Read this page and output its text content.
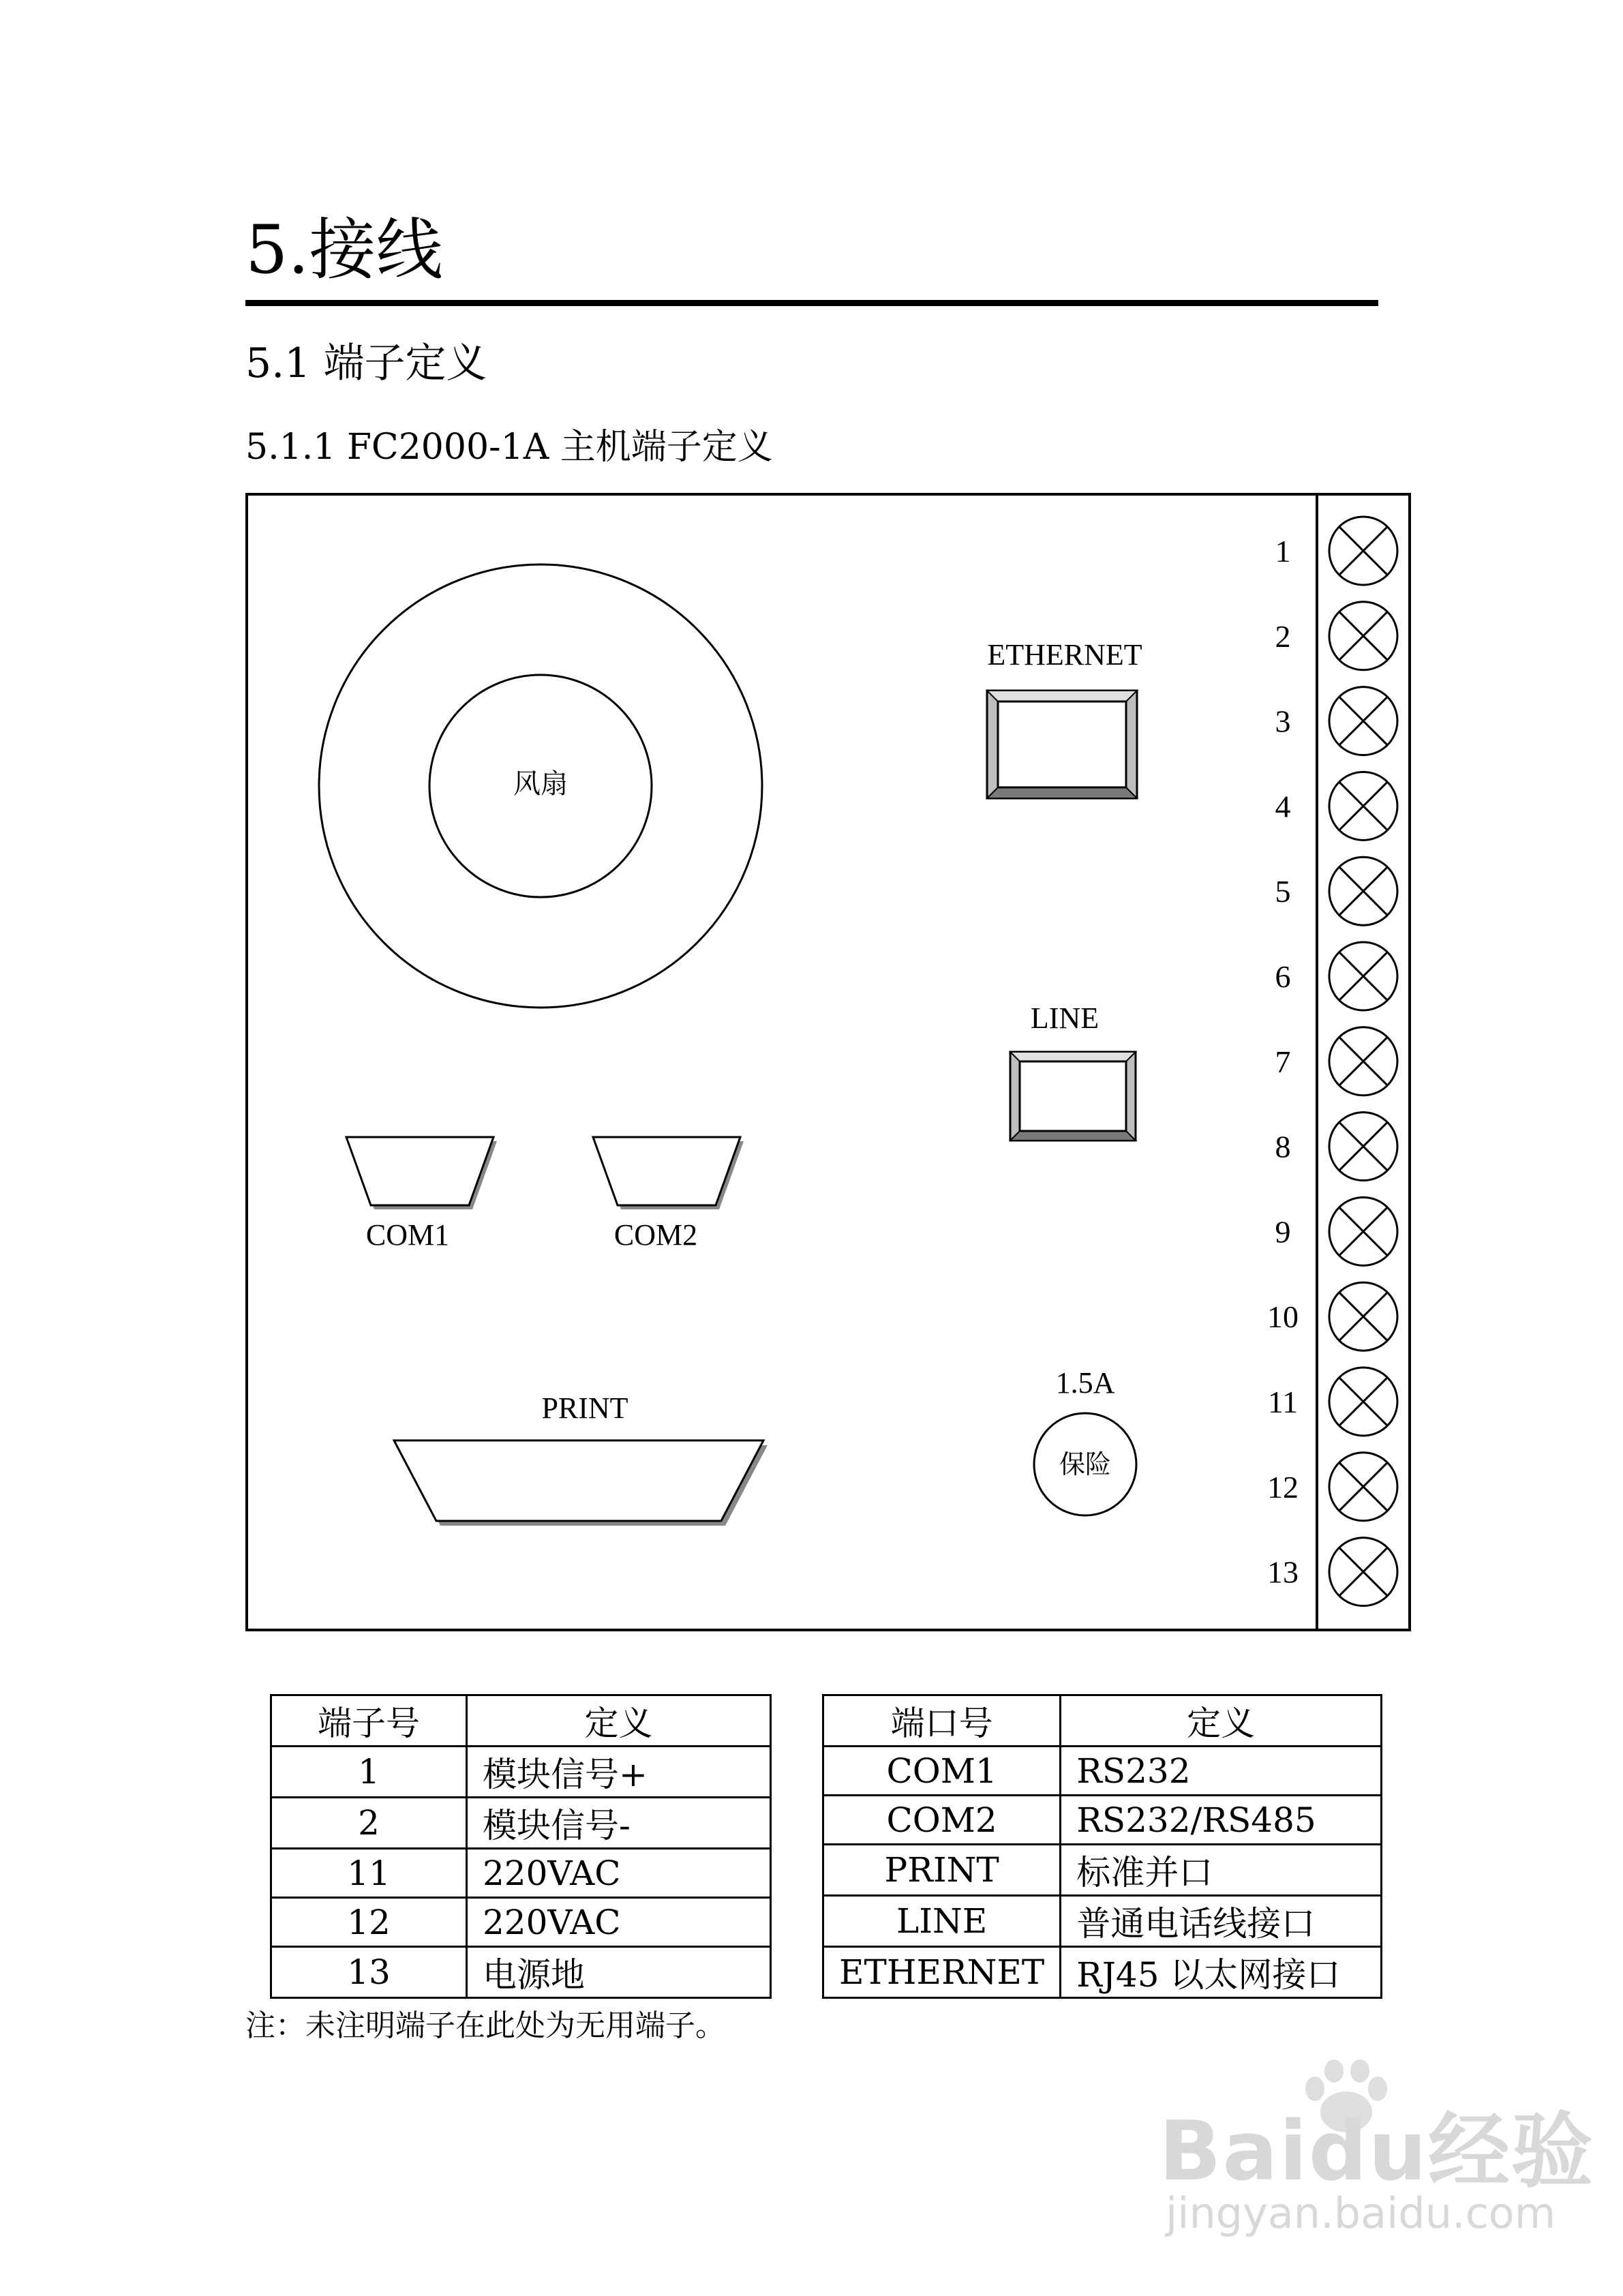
5.接线
5.1 端子定义
5.1.1 FC2000-1A 主机端子定义
风扇
ETHERNET
LINE
COM1	COM2
PRINT
1.5A
保险
1
2
3
4
5
6
7
8
9
10
11
12
13
端子号	定义
1	模块信号+
2	模块信号-
11	220VAC
12	220VAC
13	电源地
端口号	定义
COM1	RS232
COM2	RS232/RS485
PRINT	标准并口
LINE	普通电话线接口
ETHERNET	RJ45 以太网接口
注：未注明端子在此处为无用端子。
Baidu经验
jingyan.baidu.com
